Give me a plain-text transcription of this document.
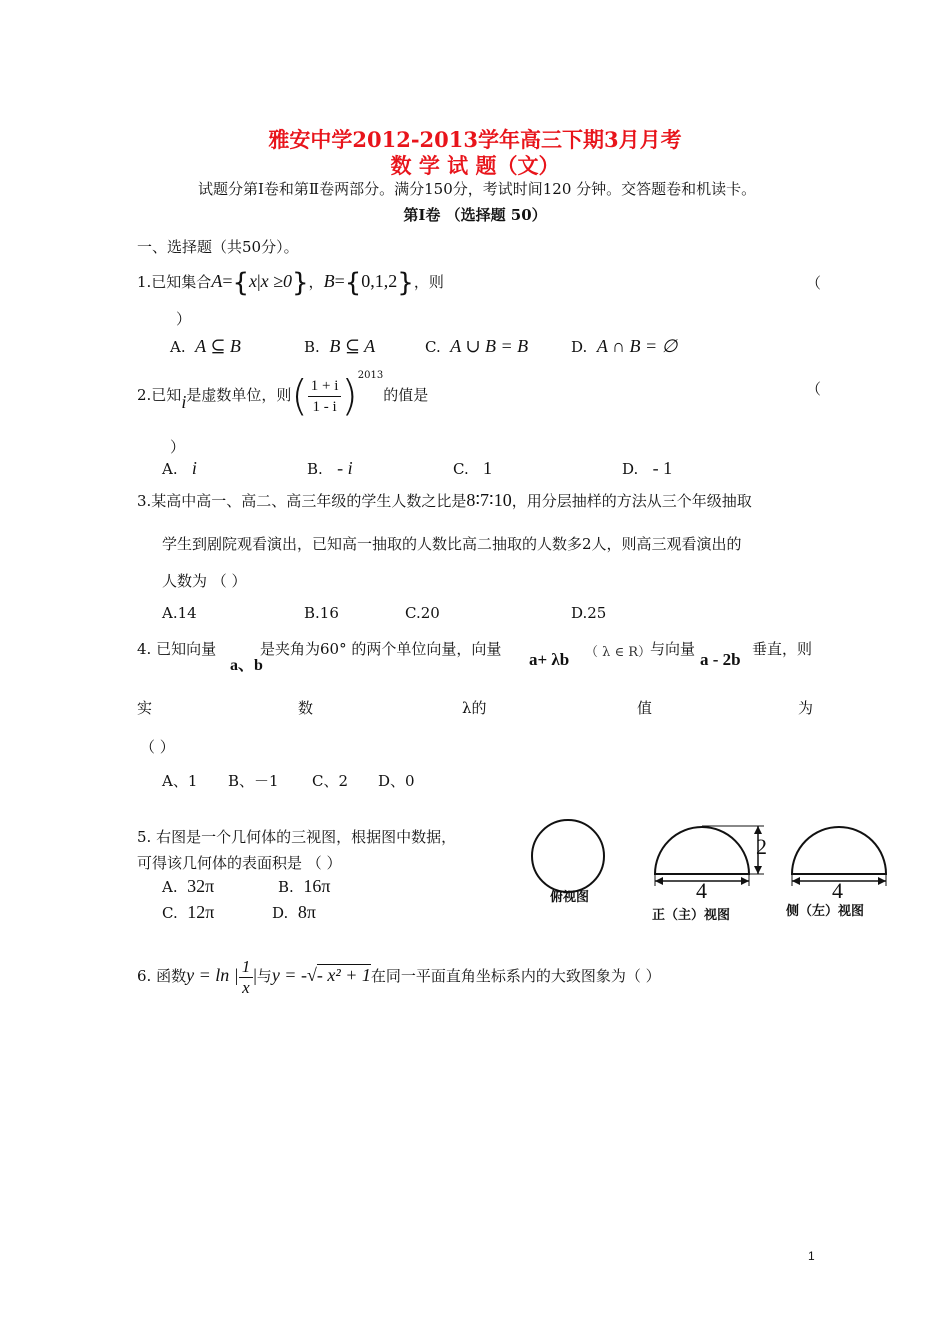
雅安中学2012-2013学年高三下期3月月考
数 学 试 题（文）
试题分第Ⅰ卷和第Ⅱ卷两部分。满分150分，考试时间120 分钟。交答题卷和机读卡。
第Ⅰ卷 （选择题 50）
一、选择题（共50分）。
1.已知集合A={x|x ≥0}，B={0,1,2}，则	（
）
A. A ⊆ B	B. B ⊆ A	C. A ∪ B = B	D. A ∩ B = ∅
2.已知i是虚数单位，则( $\frac{1 + i}{1 - i} )^{2013}$的值是	（
）
A. i	B. - i	C. 1	D. - 1
3.某高中高一、高二、高三年级的学生人数之比是8∶7∶10，用分层抽样的方法从三个年级抽取
学生到剧院观看演出，已知高一抽取的人数比高二抽取的人数多2人，则高三观看演出的
人数为 （ ）
A.14	B.16	C.20	D.25
4. 已知向量
a、b
是夹角为60° 的两个单位向量，向量
a+ λb （ λ ∈ R）
与向量
a - 2b
垂直，则
实	数	λ的	值	为
（ ）
A、1 B、－1 C、2 D、0
5. 右图是一个几何体的三视图，根据图中数据，
可得该几何体的表面积是 （ ）
A. 32π	B. 16π
C. 12π	D. 8π
2
4	4
俯视图
正（主）视图	侧（左）视图
6. 函数y = ln | $\frac{1}{x}$ |与y = -√- x² + 1在同一平面直角坐标系内的大致图象为（ ）
1
